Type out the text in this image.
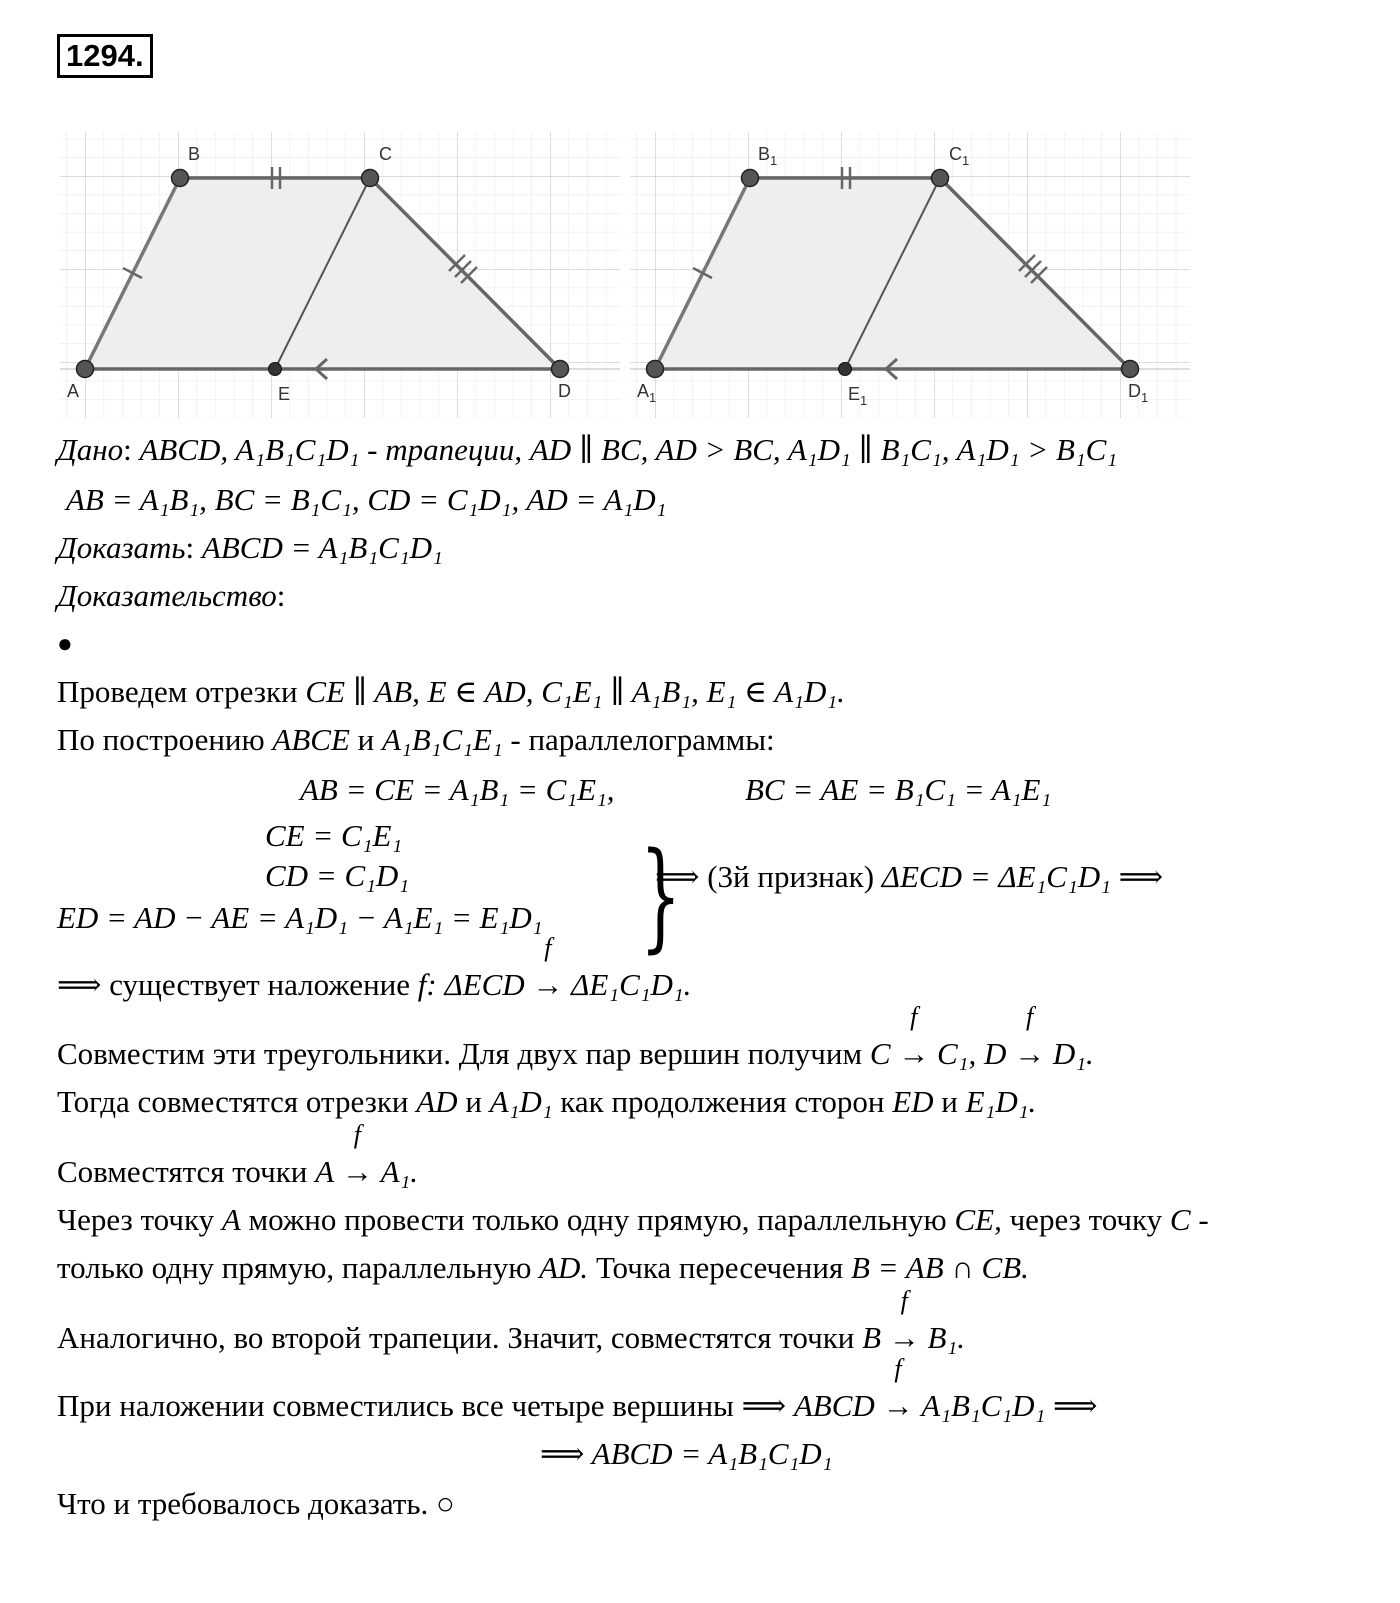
1294.
A
B	C
D
E	$A_1$
$B_1$	$C_1$
$D_1$
$E_1$
Дано: ABCD, A₁B₁C₁D₁ - трапеции, AD ∥ BC, AD > BC, A₁D₁ ∥ B₁C₁, A₁D₁ > B₁C₁
AB = A₁B₁, BC = B₁C₁, CD = C₁D₁, AD = A₁D₁
Доказать: ABCD = A₁B₁C₁D₁
Доказательство:
●
Проведем отрезки CE ∥ AB, E ∈ AD, C₁E₁ ∥ A₁B₁, E₁ ∈ A₁D₁.
По построению ABCE и A₁B₁C₁E₁ - параллелограммы:
AB = CE = A₁B₁ = C₁E₁,	BC = AE = B₁C₁ = A₁E₁
CE = C₁E₁
CD = C₁D₁
ED = AD − AE = A₁D₁ − A₁E₁ = E₁D₁ }
⟹ (3й признак) ΔECD = ΔE₁C₁D₁ ⟹
⟹ существует наложение f: ΔECD
f
→ ΔE₁C₁D₁.
Совместим эти треугольники. Для двух пар вершин получим C
f
→ C₁, D
f
→ D₁.
Тогда совместятся отрезки AD и A₁D₁ как продолжения сторон ED и E₁D₁.
Совместятся точки A
f
→ A₁.
Через точку A можно провести только одну прямую, параллельную CE, через точку C -
только одну прямую, параллельную AD. Точка пересечения B = AB ∩ CB.
Аналогично, во второй трапеции. Значит, совместятся точки B
f
→ B₁.
При наложении совместились все четыре вершины ⟹ ABCD
f
→ A₁B₁C₁D₁ ⟹
⟹ ABCD = A₁B₁C₁D₁
Что и требовалось доказать. ○
